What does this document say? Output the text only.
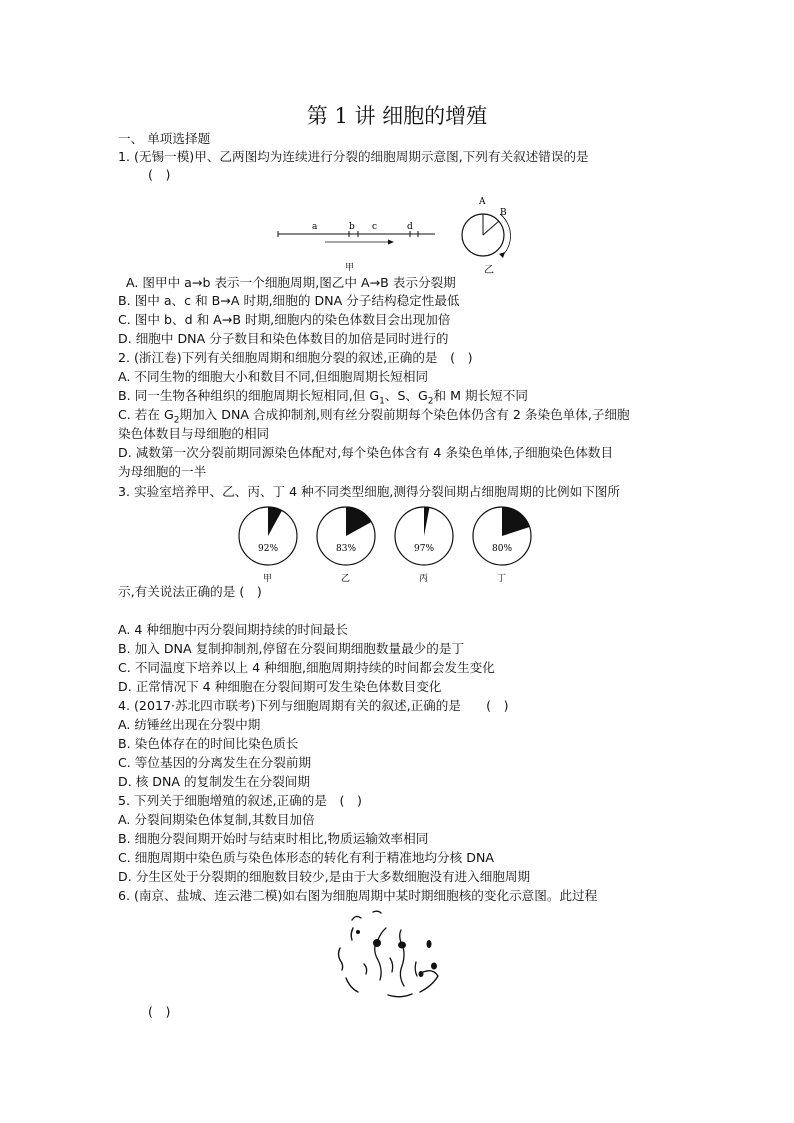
第 1 讲 细胞的增殖
一、 单项选择题
1. (无锡一模)甲、乙两图均为连续进行分裂的细胞周期示意图,下列有关叙述错误的是
(　)
a	b c	d
甲
A
B
乙
A. 图甲中 a→b 表示一个细胞周期,图乙中 A→B 表示分裂期
B. 图中 a、c 和 B→A 时期,细胞的 DNA 分子结构稳定性最低
C. 图中 b、d 和 A→B 时期,细胞内的染色体数目会出现加倍
D. 细胞中 DNA 分子数目和染色体数目的加倍是同时进行的
2. (浙江卷)下列有关细胞周期和细胞分裂的叙述,正确的是　(　)
A. 不同生物的细胞大小和数目不同,但细胞周期长短相同
B. 同一生物各种组织的细胞周期长短相同,但 $G_1$、S、$G_2$和 M 期长短不同
C. 若在 $G_2$期加入 DNA 合成抑制剂,则有丝分裂前期每个染色体仍含有 2 条染色单体,子细胞
染色体数目与母细胞的相同
D. 减数第一次分裂前期同源染色体配对,每个染色体含有 4 条染色单体,子细胞染色体数目
为母细胞的一半
3. 实验室培养甲、乙、丙、丁 4 种不同类型细胞,测得分裂间期占细胞周期的比例如下图所
92%
甲
83%
乙
97%
丙
80%
丁
示,有关说法正确的是 (　)
A. 4 种细胞中丙分裂间期持续的时间最长
B. 加入 DNA 复制抑制剂,停留在分裂间期细胞数量最少的是丁
C. 不同温度下培养以上 4 种细胞,细胞周期持续的时间都会发生变化
D. 正常情况下 4 种细胞在分裂间期可发生染色体数目变化
4. (2017·苏北四市联考)下列与细胞周期有关的叙述,正确的是　　(　)
A. 纺锤丝出现在分裂中期
B. 染色体存在的时间比染色质长
C. 等位基因的分离发生在分裂前期
D. 核 DNA 的复制发生在分裂间期
5. 下列关于细胞增殖的叙述,正确的是　(　)
A. 分裂间期染色体复制,其数目加倍
B. 细胞分裂间期开始时与结束时相比,物质运输效率相同
C. 细胞周期中染色质与染色体形态的转化有利于精准地均分核 DNA
D. 分生区处于分裂期的细胞数目较少,是由于大多数细胞没有进入细胞周期
6. (南京、盐城、连云港二模)如右图为细胞周期中某时期细胞核的变化示意图。此过程
(　)
